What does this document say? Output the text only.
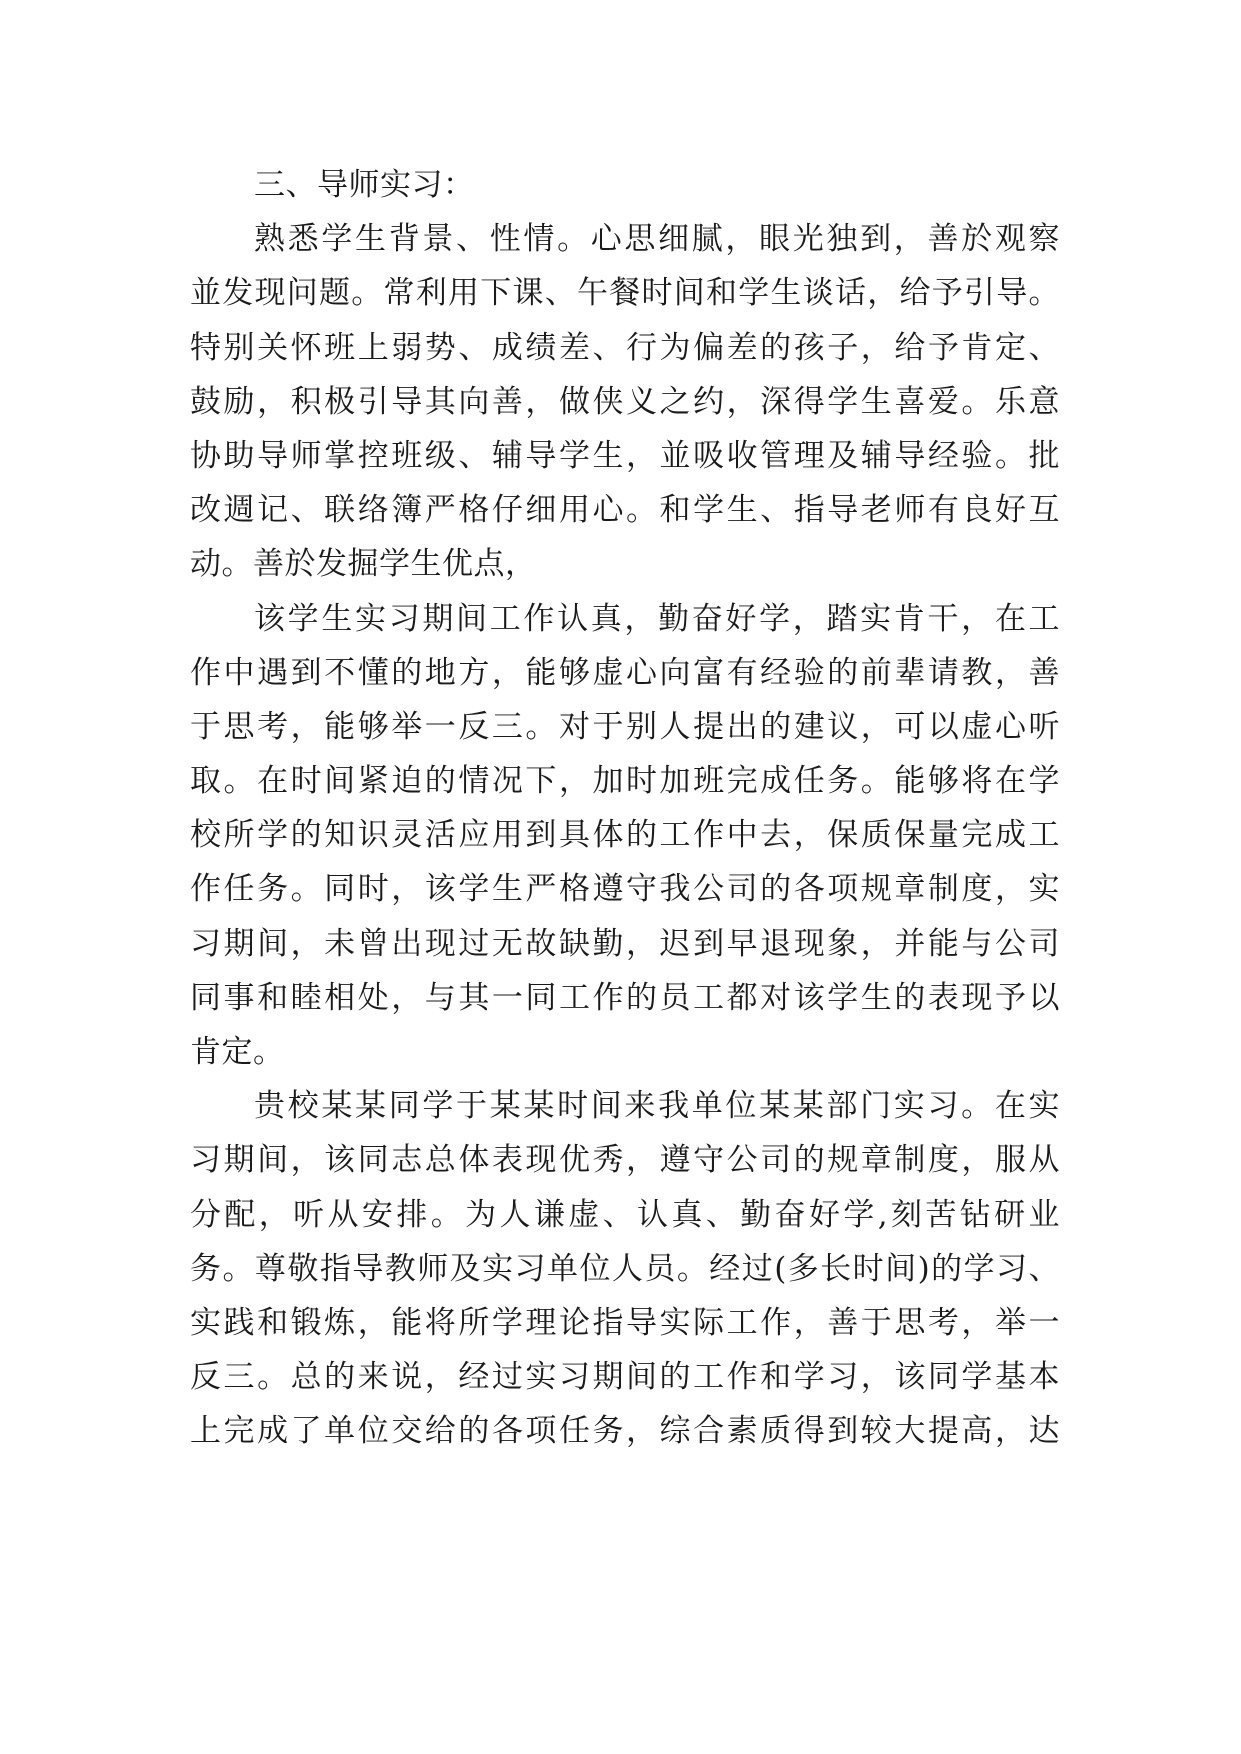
三、导师实习：
熟悉学生背景、性情。心思细腻，眼光独到，善於观察
並发现问题。常利用下课、午餐时间和学生谈话，给予引导。
特别关怀班上弱势、成绩差、行为偏差的孩子，给予肯定、
鼓励，积极引导其向善，做侠义之约，深得学生喜爱。乐意
协助导师掌控班级、辅导学生，並吸收管理及辅导经验。批
改週记、联络簿严格仔细用心。和学生、指导老师有良好互
动。善於发掘学生优点，
该学生实习期间工作认真，勤奋好学，踏实肯干，在工
作中遇到不懂的地方，能够虚心向富有经验的前辈请教，善
于思考，能够举一反三。对于别人提出的建议，可以虚心听
取。在时间紧迫的情况下，加时加班完成任务。能够将在学
校所学的知识灵活应用到具体的工作中去，保质保量完成工
作任务。同时，该学生严格遵守我公司的各项规章制度，实
习期间，未曾出现过无故缺勤，迟到早退现象，并能与公司
同事和睦相处，与其一同工作的员工都对该学生的表现予以
肯定。
贵校某某同学于某某时间来我单位某某部门实习。在实
习期间，该同志总体表现优秀，遵守公司的规章制度，服从
分配，听从安排。为人谦虚、认真、勤奋好学,刻苦钻研业
务。尊敬指导教师及实习单位人员。经过(多长时间)的学习、
实践和锻炼，能将所学理论指导实际工作，善于思考，举一
反三。总的来说，经过实习期间的工作和学习，该同学基本
上完成了单位交给的各项任务，综合素质得到较大提高，达
